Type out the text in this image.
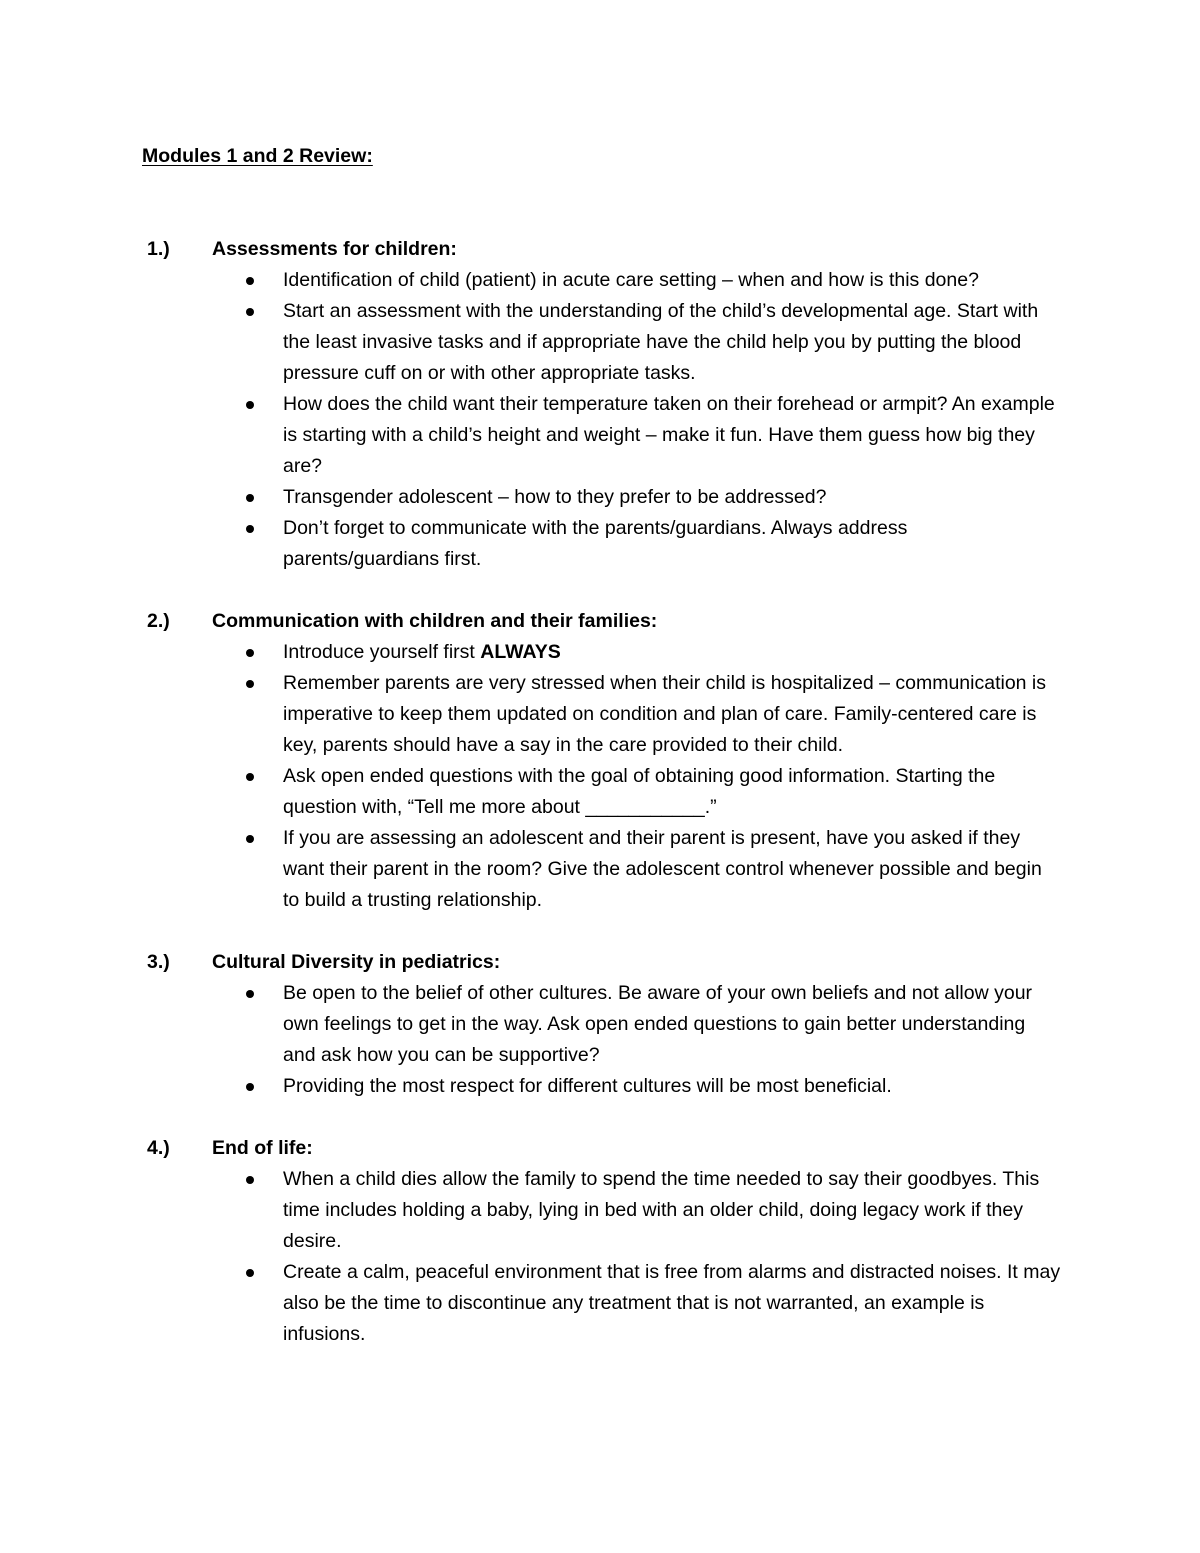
Modules 1 and 2 Review:
1.)	Assessments for children:
Identification of child (patient) in acute care setting – when and how is this done?
Start an assessment with the understanding of the child’s developmental age. Start with the least invasive tasks and if appropriate have the child help you by putting the blood pressure cuff on or with other appropriate tasks.
How does the child want their temperature taken on their forehead or armpit? An example is starting with a child’s height and weight – make it fun. Have them guess how big they are?
Transgender adolescent – how to they prefer to be addressed?
Don’t forget to communicate with the parents/guardians. Always address parents/guardians first.
2.)	Communication with children and their families:
Introduce yourself first ALWAYS
Remember parents are very stressed when their child is hospitalized – communication is imperative to keep them updated on condition and plan of care. Family-centered care is key, parents should have a say in the care provided to their child.
Ask open ended questions with the goal of obtaining good information. Starting the question with, “Tell me more about ___________.”
If you are assessing an adolescent and their parent is present, have you asked if they want their parent in the room? Give the adolescent control whenever possible and begin to build a trusting relationship.
3.)	Cultural Diversity in pediatrics:
Be open to the belief of other cultures. Be aware of your own beliefs and not allow your own feelings to get in the way. Ask open ended questions to gain better understanding and ask how you can be supportive?
Providing the most respect for different cultures will be most beneficial.
4.)	End of life:
When a child dies allow the family to spend the time needed to say their goodbyes. This time includes holding a baby, lying in bed with an older child, doing legacy work if they desire.
Create a calm, peaceful environment that is free from alarms and distracted noises. It may also be the time to discontinue any treatment that is not warranted, an example is infusions.
